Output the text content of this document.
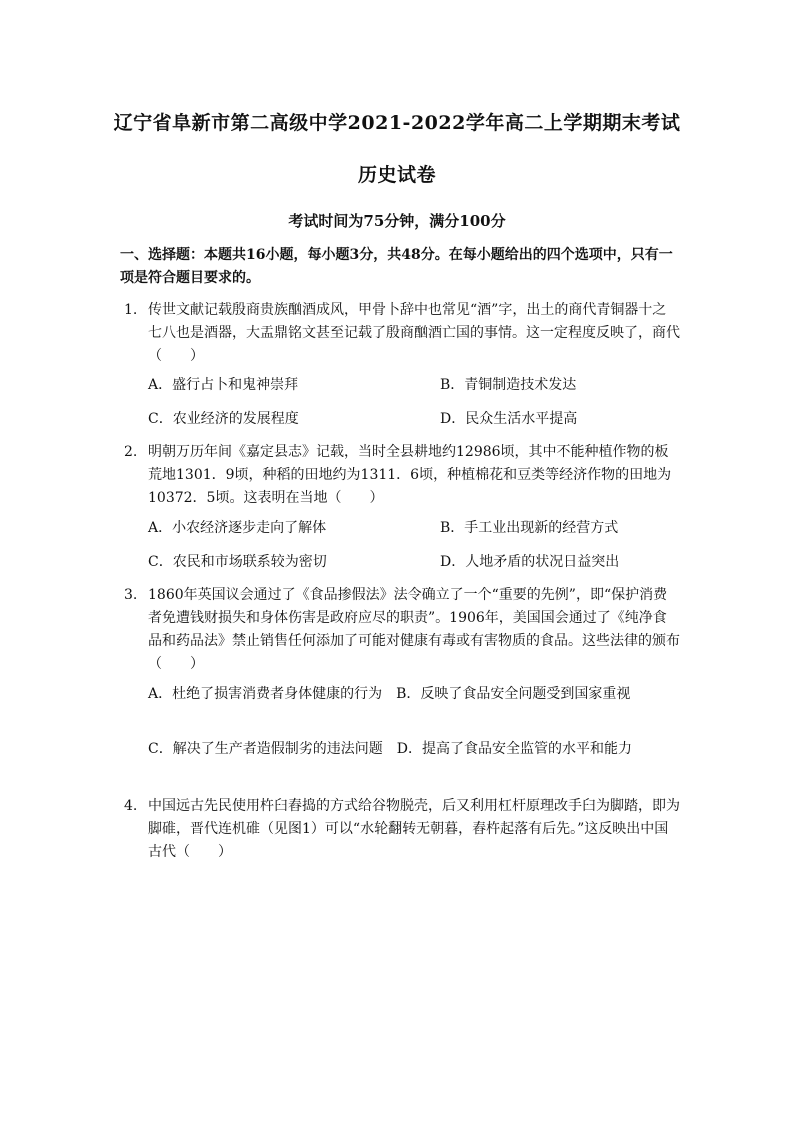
辽宁省阜新市第二高级中学2021-2022学年高二上学期期末考试
历史试卷
考试时间为75分钟，满分100分
一、选择题：本题共16小题，每小题3分，共48分。在每小题给出的四个选项中，只有一项是符合题目要求的。
1. 传世文献记载殷商贵族酗酒成风，甲骨卜辞中也常见“酒”字，出土的商代青铜器十之七八也是酒器，大盂鼎铭文甚至记载了殷商酗酒亡国的事情。这一定程度反映了，商代（　　）
A．盛行占卜和鬼神崇拜	B．青铜制造技术发达
C．农业经济的发展程度	D．民众生活水平提高
2. 明朝万历年间《嘉定县志》记载，当时全县耕地约12986顷，其中不能种植作物的板荒地1301．9顷，种稻的田地约为1311．6顷，种植棉花和豆类等经济作物的田地为10372．5顷。这表明在当地（　　）
A．小农经济逐步走向了解体	B．手工业出现新的经营方式
C．农民和市场联系较为密切	D．人地矛盾的状况日益突出
3. 1860年英国议会通过了《食品掺假法》法令确立了一个“重要的先例”，即“保护消费者免遭钱财损失和身体伤害是政府应尽的职责”。1906年，美国国会通过了《纯净食品和药品法》禁止销售任何添加了可能对健康有毒或有害物质的食品。这些法律的颁布（　　）
A．杜绝了损害消费者身体健康的行为 B．反映了食品安全问题受到国家重视
C．解决了生产者造假制劣的违法问题 D．提高了食品安全监管的水平和能力
4. 中国远古先民使用杵臼舂捣的方式给谷物脱壳，后又利用杠杆原理改手臼为脚踏，即为脚碓，晋代连机碓（见图1）可以“水轮翻转无朝暮，舂杵起落有后先。”这反映出中国古代（　　）
